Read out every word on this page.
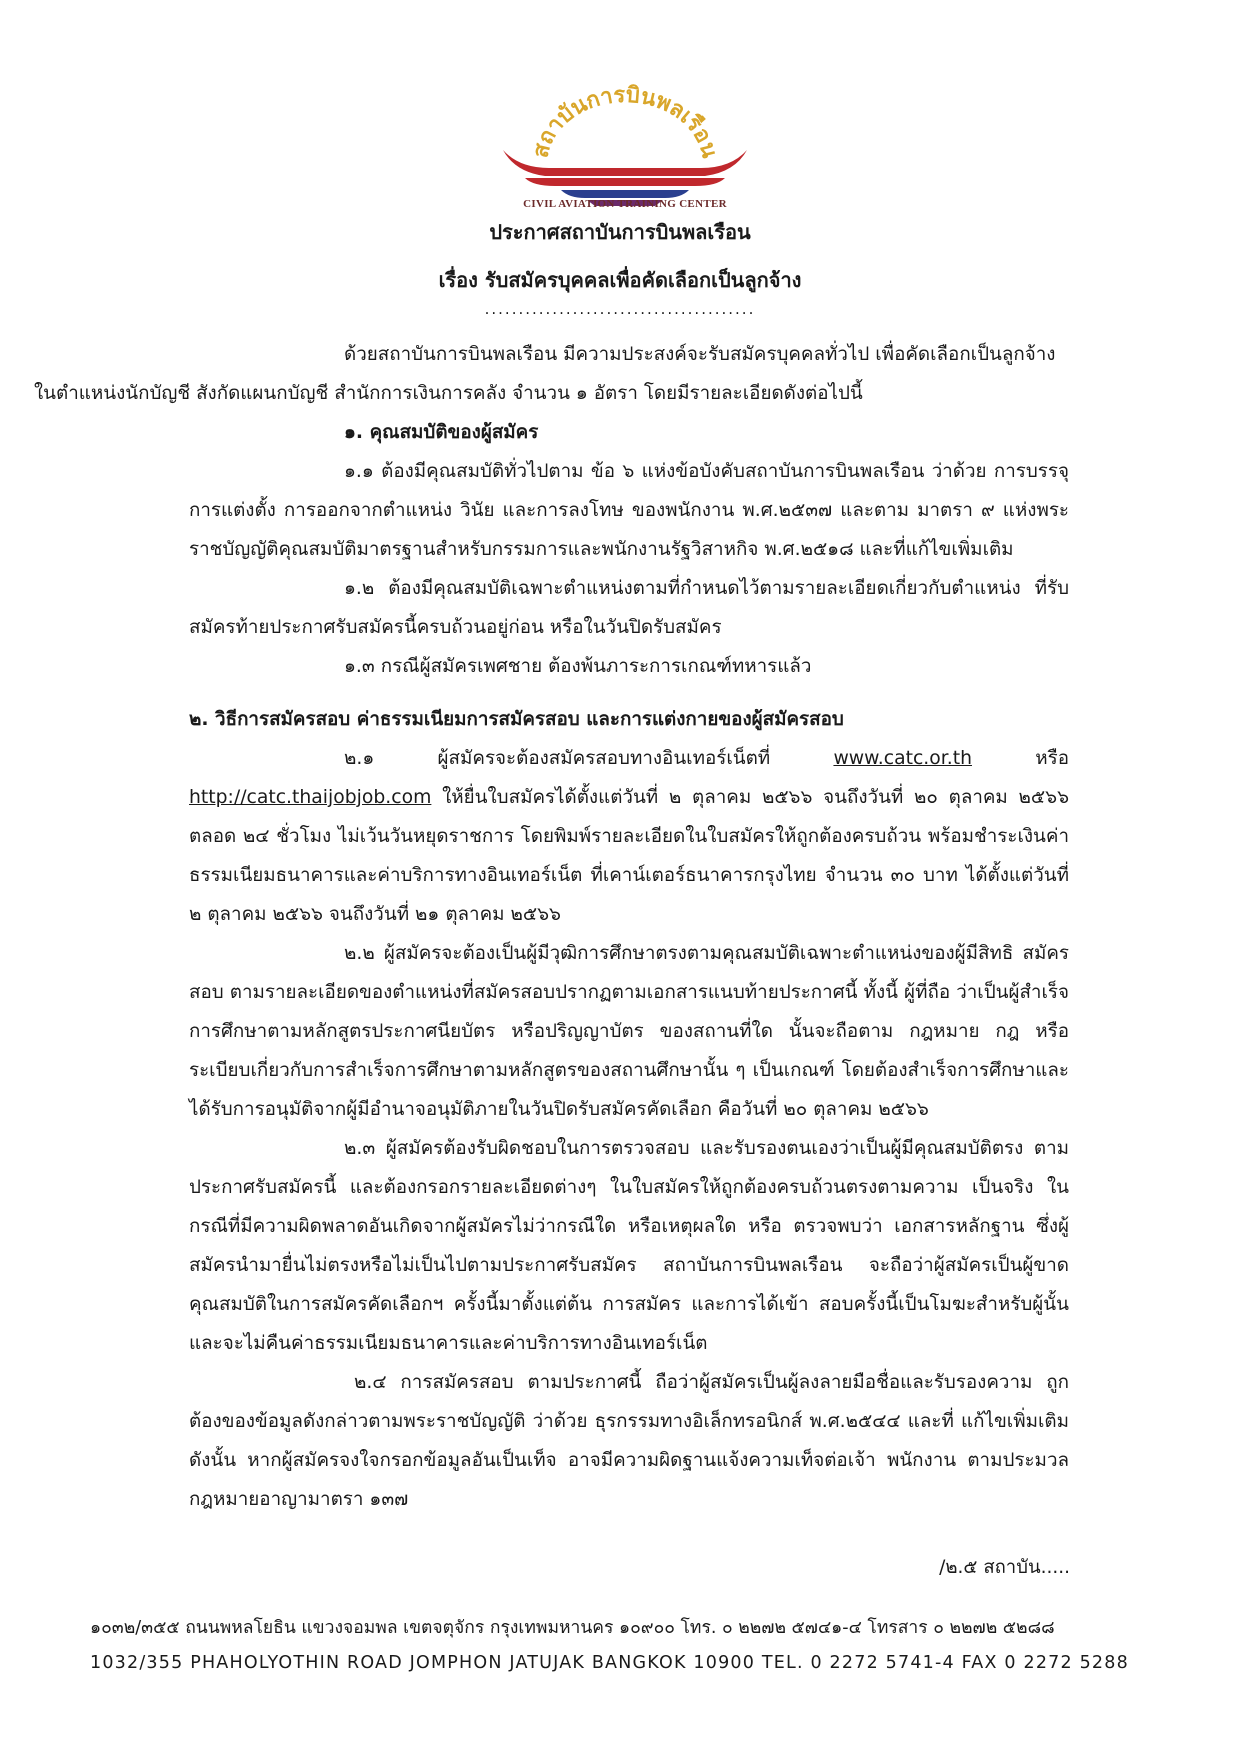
สถาบันการบินพลเรือน
CIVIL AVIATION TRAINING CENTER
ประกาศสถาบันการบินพลเรือน
เรื่อง รับสมัครบุคคลเพื่อคัดเลือกเป็นลูกจ้าง
........................................

ด้วยสถาบันการบินพลเรือน มีความประสงค์จะรับสมัครบุคคลทั่วไป เพื่อคัดเลือกเป็นลูกจ้าง
ในตำแหน่งนักบัญชี สังกัดแผนกบัญชี สำนักการเงินการคลัง จำนวน ๑ อัตรา โดยมีรายละเอียดดังต่อไปนี้

๑. คุณสมบัติของผู้สมัคร

๑.๑ ต้องมีคุณสมบัติทั่วไปตาม ข้อ ๖ แห่งข้อบังคับสถาบันการบินพลเรือน ว่าด้วย การบรรจุ การแต่งตั้ง การออกจากตำแหน่ง วินัย และการลงโทษ ของพนักงาน พ.ศ.๒๕๓๗ และตาม มาตรา ๙ แห่งพระราชบัญญัติคุณสมบัติมาตรฐานสำหรับกรรมการและพนักงานรัฐวิสาหกิจ พ.ศ.๒๕๑๘ และที่แก้ไขเพิ่มเติม

๑.๒ ต้องมีคุณสมบัติเฉพาะตำแหน่งตามที่กำหนดไว้ตามรายละเอียดเกี่ยวกับตำแหน่ง ที่รับสมัครท้ายประกาศรับสมัครนี้ครบถ้วนอยู่ก่อน หรือในวันปิดรับสมัคร

๑.๓ กรณีผู้สมัครเพศชาย ต้องพ้นภาระการเกณฑ์ทหารแล้ว

๒. วิธีการสมัครสอบ ค่าธรรมเนียมการสมัครสอบ และการแต่งกายของผู้สมัครสอบ

๒.๑ ผู้สมัครจะต้องสมัครสอบทางอินเทอร์เน็ตที่ www.catc.or.th หรือ http://catc.thaijobjob.com ให้ยื่นใบสมัครได้ตั้งแต่วันที่ ๒ ตุลาคม ๒๕๖๖ จนถึงวันที่ ๒๐ ตุลาคม ๒๕๖๖ ตลอด ๒๔ ชั่วโมง ไม่เว้นวันหยุดราชการ โดยพิมพ์รายละเอียดในใบสมัครให้ถูกต้องครบถ้วน พร้อมชำระเงินค่าธรรมเนียมธนาคารและค่าบริการทางอินเทอร์เน็ต ที่เคาน์เตอร์ธนาคารกรุงไทย จำนวน ๓๐ บาท ได้ตั้งแต่วันที่ ๒ ตุลาคม ๒๕๖๖ จนถึงวันที่ ๒๑ ตุลาคม ๒๕๖๖

๒.๒ ผู้สมัครจะต้องเป็นผู้มีวุฒิการศึกษาตรงตามคุณสมบัติเฉพาะตำแหน่งของผู้มีสิทธิ สมัครสอบ ตามรายละเอียดของตำแหน่งที่สมัครสอบปรากฏตามเอกสารแนบท้ายประกาศนี้ ทั้งนี้ ผู้ที่ถือ ว่าเป็นผู้สำเร็จการศึกษาตามหลักสูตรประกาศนียบัตร หรือปริญญาบัตร ของสถานที่ใด นั้นจะถือตาม กฎหมาย กฎ หรือระเบียบเกี่ยวกับการสำเร็จการศึกษาตามหลักสูตรของสถานศึกษานั้น ๆ เป็นเกณฑ์ โดยต้องสำเร็จการศึกษาและได้รับการอนุมัติจากผู้มีอำนาจอนุมัติภายในวันปิดรับสมัครคัดเลือก คือวันที่ ๒๐ ตุลาคม ๒๕๖๖

๒.๓ ผู้สมัครต้องรับผิดชอบในการตรวจสอบ และรับรองตนเองว่าเป็นผู้มีคุณสมบัติตรง ตามประกาศรับสมัครนี้ และต้องกรอกรายละเอียดต่างๆ ในใบสมัครให้ถูกต้องครบถ้วนตรงตามความ เป็นจริง ในกรณีที่มีความผิดพลาดอันเกิดจากผู้สมัครไม่ว่ากรณีใด หรือเหตุผลใด หรือ ตรวจพบว่า เอกสารหลักฐาน ซึ่งผู้สมัครนำมายื่นไม่ตรงหรือไม่เป็นไปตามประกาศรับสมัคร สถาบันการบินพลเรือน จะถือว่าผู้สมัครเป็นผู้ขาดคุณสมบัติในการสมัครคัดเลือกฯ ครั้งนี้มาตั้งแต่ต้น การสมัคร และการได้เข้า สอบครั้งนี้เป็นโมฆะสำหรับผู้นั้น และจะไม่คืนค่าธรรมเนียมธนาคารและค่าบริการทางอินเทอร์เน็ต

๒.๔ การสมัครสอบ ตามประกาศนี้ ถือว่าผู้สมัครเป็นผู้ลงลายมือชื่อและรับรองความ ถูกต้องของข้อมูลดังกล่าวตามพระราชบัญญัติ ว่าด้วย ธุรกรรมทางอิเล็กทรอนิกส์ พ.ศ.๒๕๔๔ และที่ แก้ไขเพิ่มเติม ดังนั้น หากผู้สมัครจงใจกรอกข้อมูลอันเป็นเท็จ อาจมีความผิดฐานแจ้งความเท็จต่อเจ้า พนักงาน ตามประมวลกฎหมายอาญามาตรา ๑๓๗

/๒.๕ สถาบัน.....
๑๐๓๒/๓๕๕ ถนนพหลโยธิน แขวงจอมพล เขตจตุจักร กรุงเทพมหานคร ๑๐๙๐๐ โทร. ๐ ๒๒๗๒ ๕๗๔๑-๔ โทรสาร ๐ ๒๒๗๒ ๕๒๘๘
1032/355 PHAHOLYOTHIN ROAD JOMPHON JATUJAK BANGKOK 10900 TEL. 0 2272 5741-4 FAX 0 2272 5288
